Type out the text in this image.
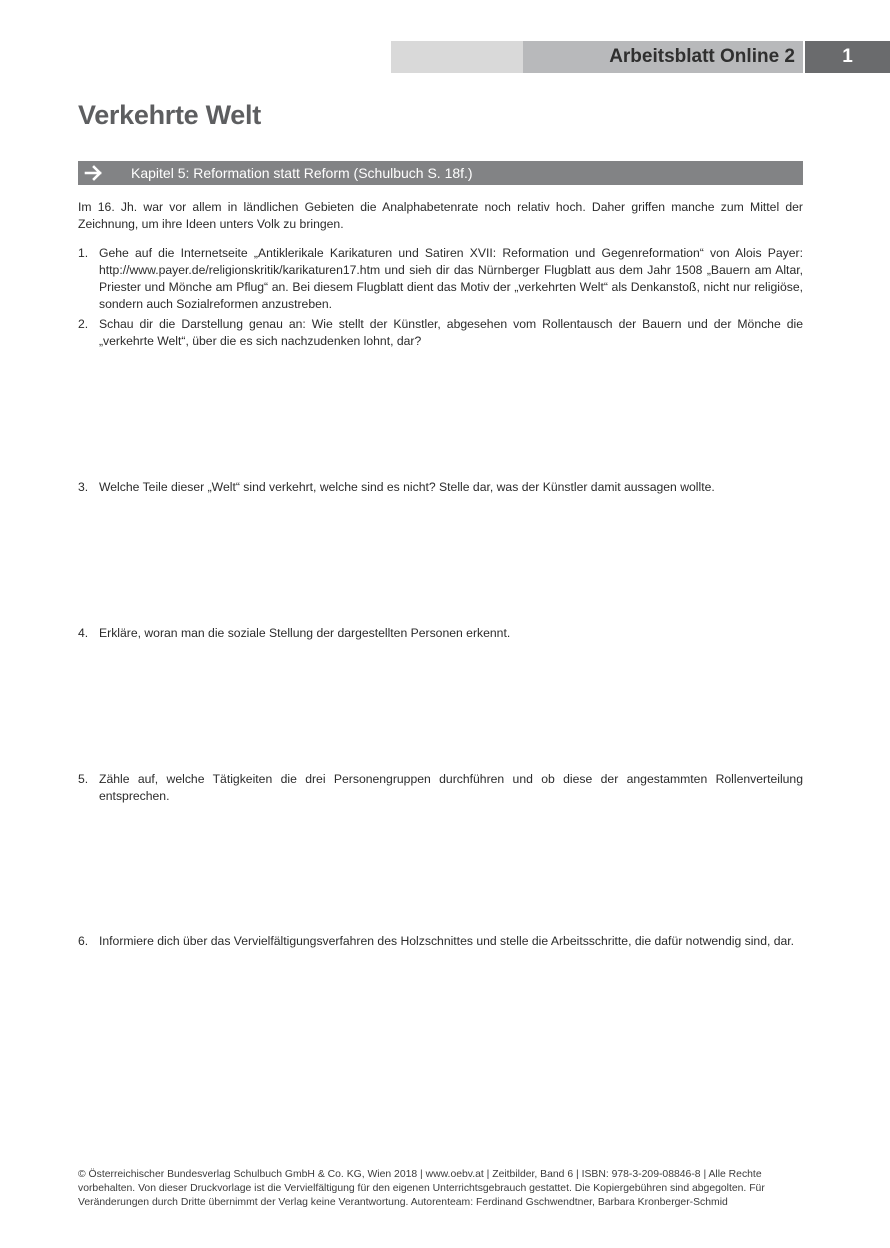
Arbeitsblatt Online 2	1
Verkehrte Welt
Kapitel 5: Reformation statt Reform (Schulbuch S. 18f.)
Im 16. Jh. war vor allem in ländlichen Gebieten die Analphabetenrate noch relativ hoch. Daher griffen manche zum Mittel der Zeichnung, um ihre Ideen unters Volk zu bringen.
1. Gehe auf die Internetseite „Antiklerikale Karikaturen und Satiren XVII: Reformation und Gegenreformation“ von Alois Payer: http://www.payer.de/religionskritik/karikaturen17.htm und sieh dir das Nürnberger Flugblatt aus dem Jahr 1508 „Bauern am Altar, Priester und Mönche am Pflug“ an. Bei diesem Flugblatt dient das Motiv der „verkehrten Welt“ als Denkanstoß, nicht nur religiöse, sondern auch Sozialreformen anzustreben.
2. Schau dir die Darstellung genau an: Wie stellt der Künstler, abgesehen vom Rollentausch der Bauern und der Mönche die „verkehrte Welt“, über die es sich nachzudenken lohnt, dar?
3. Welche Teile dieser „Welt“ sind verkehrt, welche sind es nicht? Stelle dar, was der Künstler damit aussagen wollte.
4. Erkläre, woran man die soziale Stellung der dargestellten Personen erkennt.
5. Zähle auf, welche Tätigkeiten die drei Personengruppen durchführen und ob diese der angestammten Rollenverteilung entsprechen.
6. Informiere dich über das Vervielfältigungsverfahren des Holzschnittes und stelle die Arbeitsschritte, die dafür notwendig sind, dar.
© Österreichischer Bundesverlag Schulbuch GmbH & Co. KG, Wien 2018 | www.oebv.at | Zeitbilder, Band 6 | ISBN: 978-3-209-08846-8 | Alle Rechte vorbehalten. Von dieser Druckvorlage ist die Vervielfältigung für den eigenen Unterrichtsgebrauch gestattet. Die Kopiergebühren sind abgegolten. Für Veränderungen durch Dritte übernimmt der Verlag keine Verantwortung. Autorenteam: Ferdinand Gschwendtner, Barbara Kronberger-Schmid
